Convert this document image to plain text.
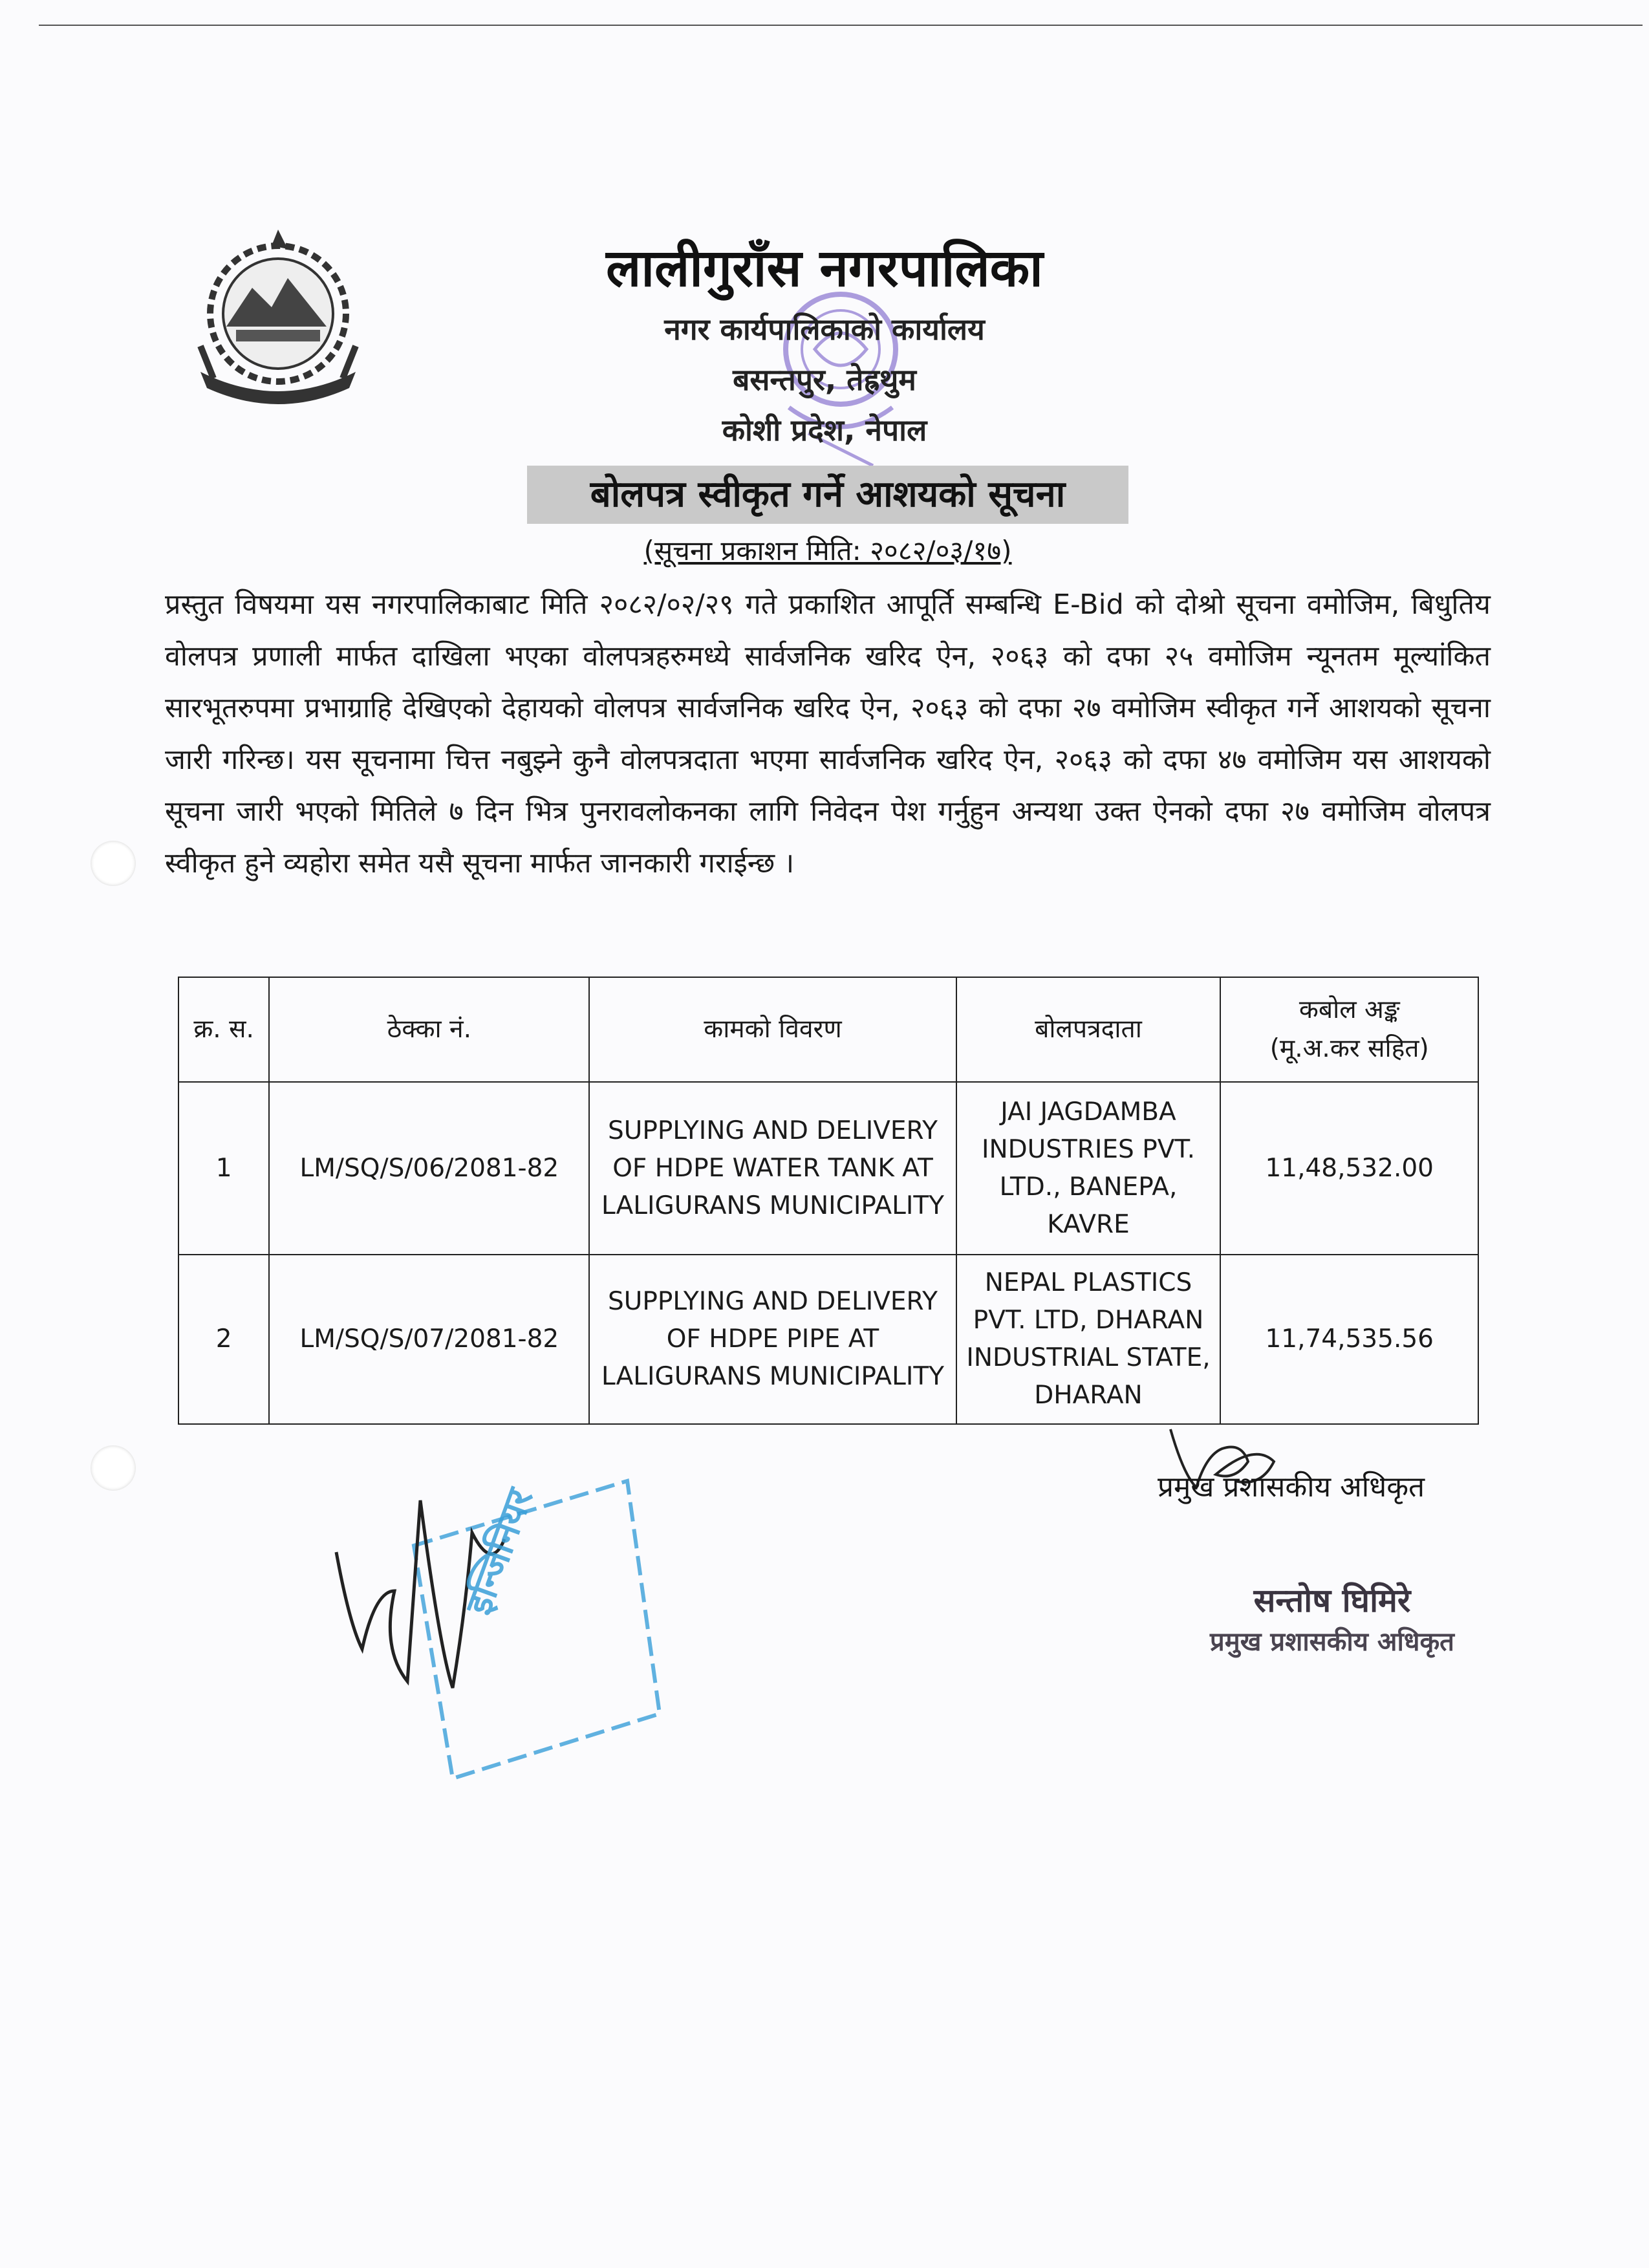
लालीगुराँस नगरपालिका

नगर कार्यपालिकाको कार्यालय

बसन्तपुर, तेह्रथुम

कोशी प्रदेश, नेपाल

बोलपत्र स्वीकृत गर्ने आशयको सूचना
(सूचना प्रकाशन मिति: २०८२/०३/१७)

प्रस्तुत विषयमा यस नगरपालिकाबाट मिति २०८२/०२/२९ गते प्रकाशित आपूर्ति सम्बन्धि E-Bid को दोश्रो सूचना वमोजिम, बिधुतिय वोलपत्र प्रणाली मार्फत दाखिला भएका वोलपत्रहरुमध्ये सार्वजनिक खरिद ऐन, २०६३ को दफा २५ वमोजिम न्यूनतम मूल्यांकित सारभूतरुपमा प्रभाग्राहि देखिएको देहायको वोलपत्र सार्वजनिक खरिद ऐन, २०६३ को दफा २७ वमोजिम स्वीकृत गर्ने आशयको सूचना जारी गरिन्छ। यस सूचनामा चित्त नबुझ्ने कुनै वोलपत्रदाता भएमा सार्वजनिक खरिद ऐन, २०६३ को दफा ४७ वमोजिम यस आशयको सूचना जारी भएको मितिले ७ दिन भित्र पुनरावलोकनका लागि निवेदन पेश गर्नुहुन अन्यथा उक्त ऐनको दफा २७ वमोजिम वोलपत्र स्वीकृत हुने व्यहोरा समेत यसै सूचना मार्फत जानकारी गराईन्छ ।

क्र. स.	ठेक्का नं.	कामको विवरण	बोलपत्रदाता	कबोल अङ्क
(मू.अ.कर सहित)
1	LM/SQ/S/06/2081-82	SUPPLYING AND DELIVERY OF HDPE WATER TANK AT LALIGURANS MUNICIPALITY	JAI JAGDAMBA INDUSTRIES PVT. LTD., BANEPA, KAVRE	11,48,532.00
2	LM/SQ/S/07/2081-82	SUPPLYING AND DELIVERY OF HDPE PIPE AT LALIGURANS MUNICIPALITY	NEPAL PLASTICS PVT. LTD, DHARAN INDUSTRIAL STATE, DHARAN	11,74,535.56
प्रमुख प्रशासकीय अधिकृत
इन्जिनियर	सन्तोष घिमिरे
प्रमुख प्रशासकीय अधिकृत
